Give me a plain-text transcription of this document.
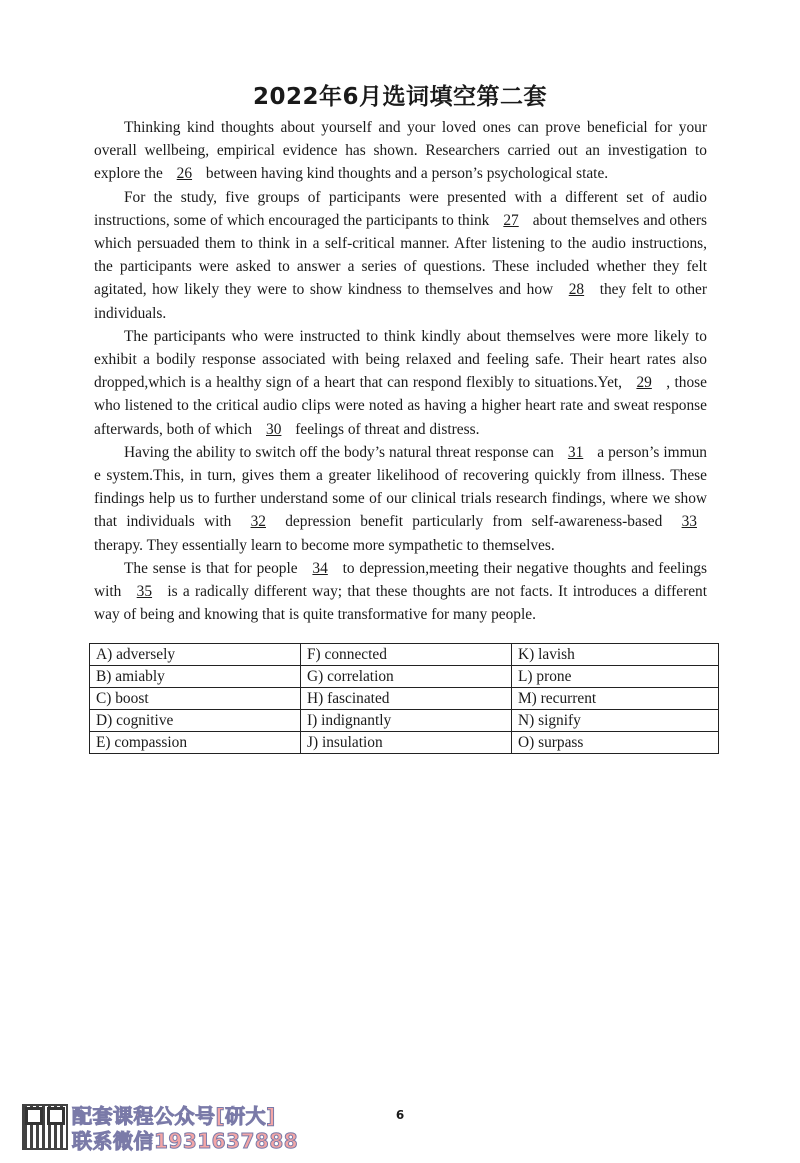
2022年6月选词填空第二套

Thinking kind thoughts about yourself and your loved ones can prove beneficial for your overall wellbeing, empirical evidence has shown. Researchers carried out an investigation to explore the 26 between having kind thoughts and a person’s psychological state.

For the study, five groups of participants were presented with a different set of audio instructions, some of which encouraged the participants to think 27 about themselves and others which persuaded them to think in a self-critical manner. After listening to the audio instructions, the participants were asked to answer a series of questions. These included whether they felt agitated, how likely they were to show kindness to themselves and how 28 they felt to other individuals.

The participants who were instructed to think kindly about themselves were more likely to exhibit a bodily response associated with being relaxed and feeling safe. Their heart rates also dropped,which is a healthy sign of a heart that can respond flexibly to situations.Yet, 29 , those who listened to the critical audio clips were noted as having a higher heart rate and sweat response afterwards, both of which 30 feelings of threat and distress.

Having the ability to switch off the body’s natural threat response can 31 a person’s immun e system.This, in turn, gives them a greater likelihood of recovering quickly from illness. These findings help us to further understand some of our clinical trials research findings, where we show that individuals with 32 depression benefit particularly from self-awareness-based 33 therapy. They essentially learn to become more sympathetic to themselves.

The sense is that for people 34 to depression,meeting their negative thoughts and feelings with 35 is a radically different way; that these thoughts are not facts. It introduces a different way of being and knowing that is quite transformative for many people.

A) adversely	F) connected	K) lavish
B) amiably	G) correlation	L) prone
C) boost	H) fascinated	M) recurrent
D) cognitive	I) indignantly	N) signify
E) compassion	J) insulation	O) surpass
6
配套课程公众号[研大]
联系微信1931637888
